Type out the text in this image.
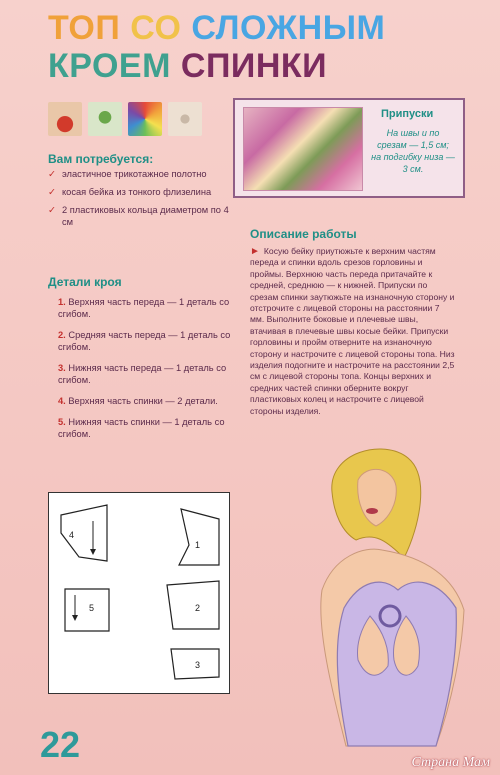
ТОП СО СЛОЖНЫМ
КРОЕМ СПИНКИ
Вам потребуется:
✓ эластичное трикотажное полотно
✓ косая бейка из тонкого флизелина
✓ 2 пластиковых кольца диаметром по 4 см
Детали кроя
1. Верхняя часть переда — 1 деталь со сгибом.
2. Средняя часть переда — 1 деталь со сгибом.
3. Нижняя часть переда — 1 деталь со сгибом.
4. Верхняя часть спинки — 2 детали.
5. Нижняя часть спинки — 1 деталь со сгибом.
Припуски
На швы и по срезам — 1,5 см; на подгибку низа — 3 см.
Описание работы
► Косую бейку приутюжьте к верхним частям переда и спинки вдоль срезов горловины и проймы. Верхнюю часть переда притачайте к средней, среднюю — к нижней. Припуски по срезам спинки заутюжьте на изнаночную сторону и отстрочите с лицевой стороны на расстоянии 7 мм. Выполните боковые и плечевые швы, втачивая в плечевые швы косые бейки. Припуски горловины и пройм отверните на изнаночную сторону и настрочите с лицевой стороны топа. Низ изделия подогните и настрочите на расстоянии 2,5 см с лицевой стороны топа. Концы верхних и средних частей спинки оберните вокруг пластиковых колец и настрочите с лицевой стороны изделия.
4
1
5	2
3
22	Страна Мам
